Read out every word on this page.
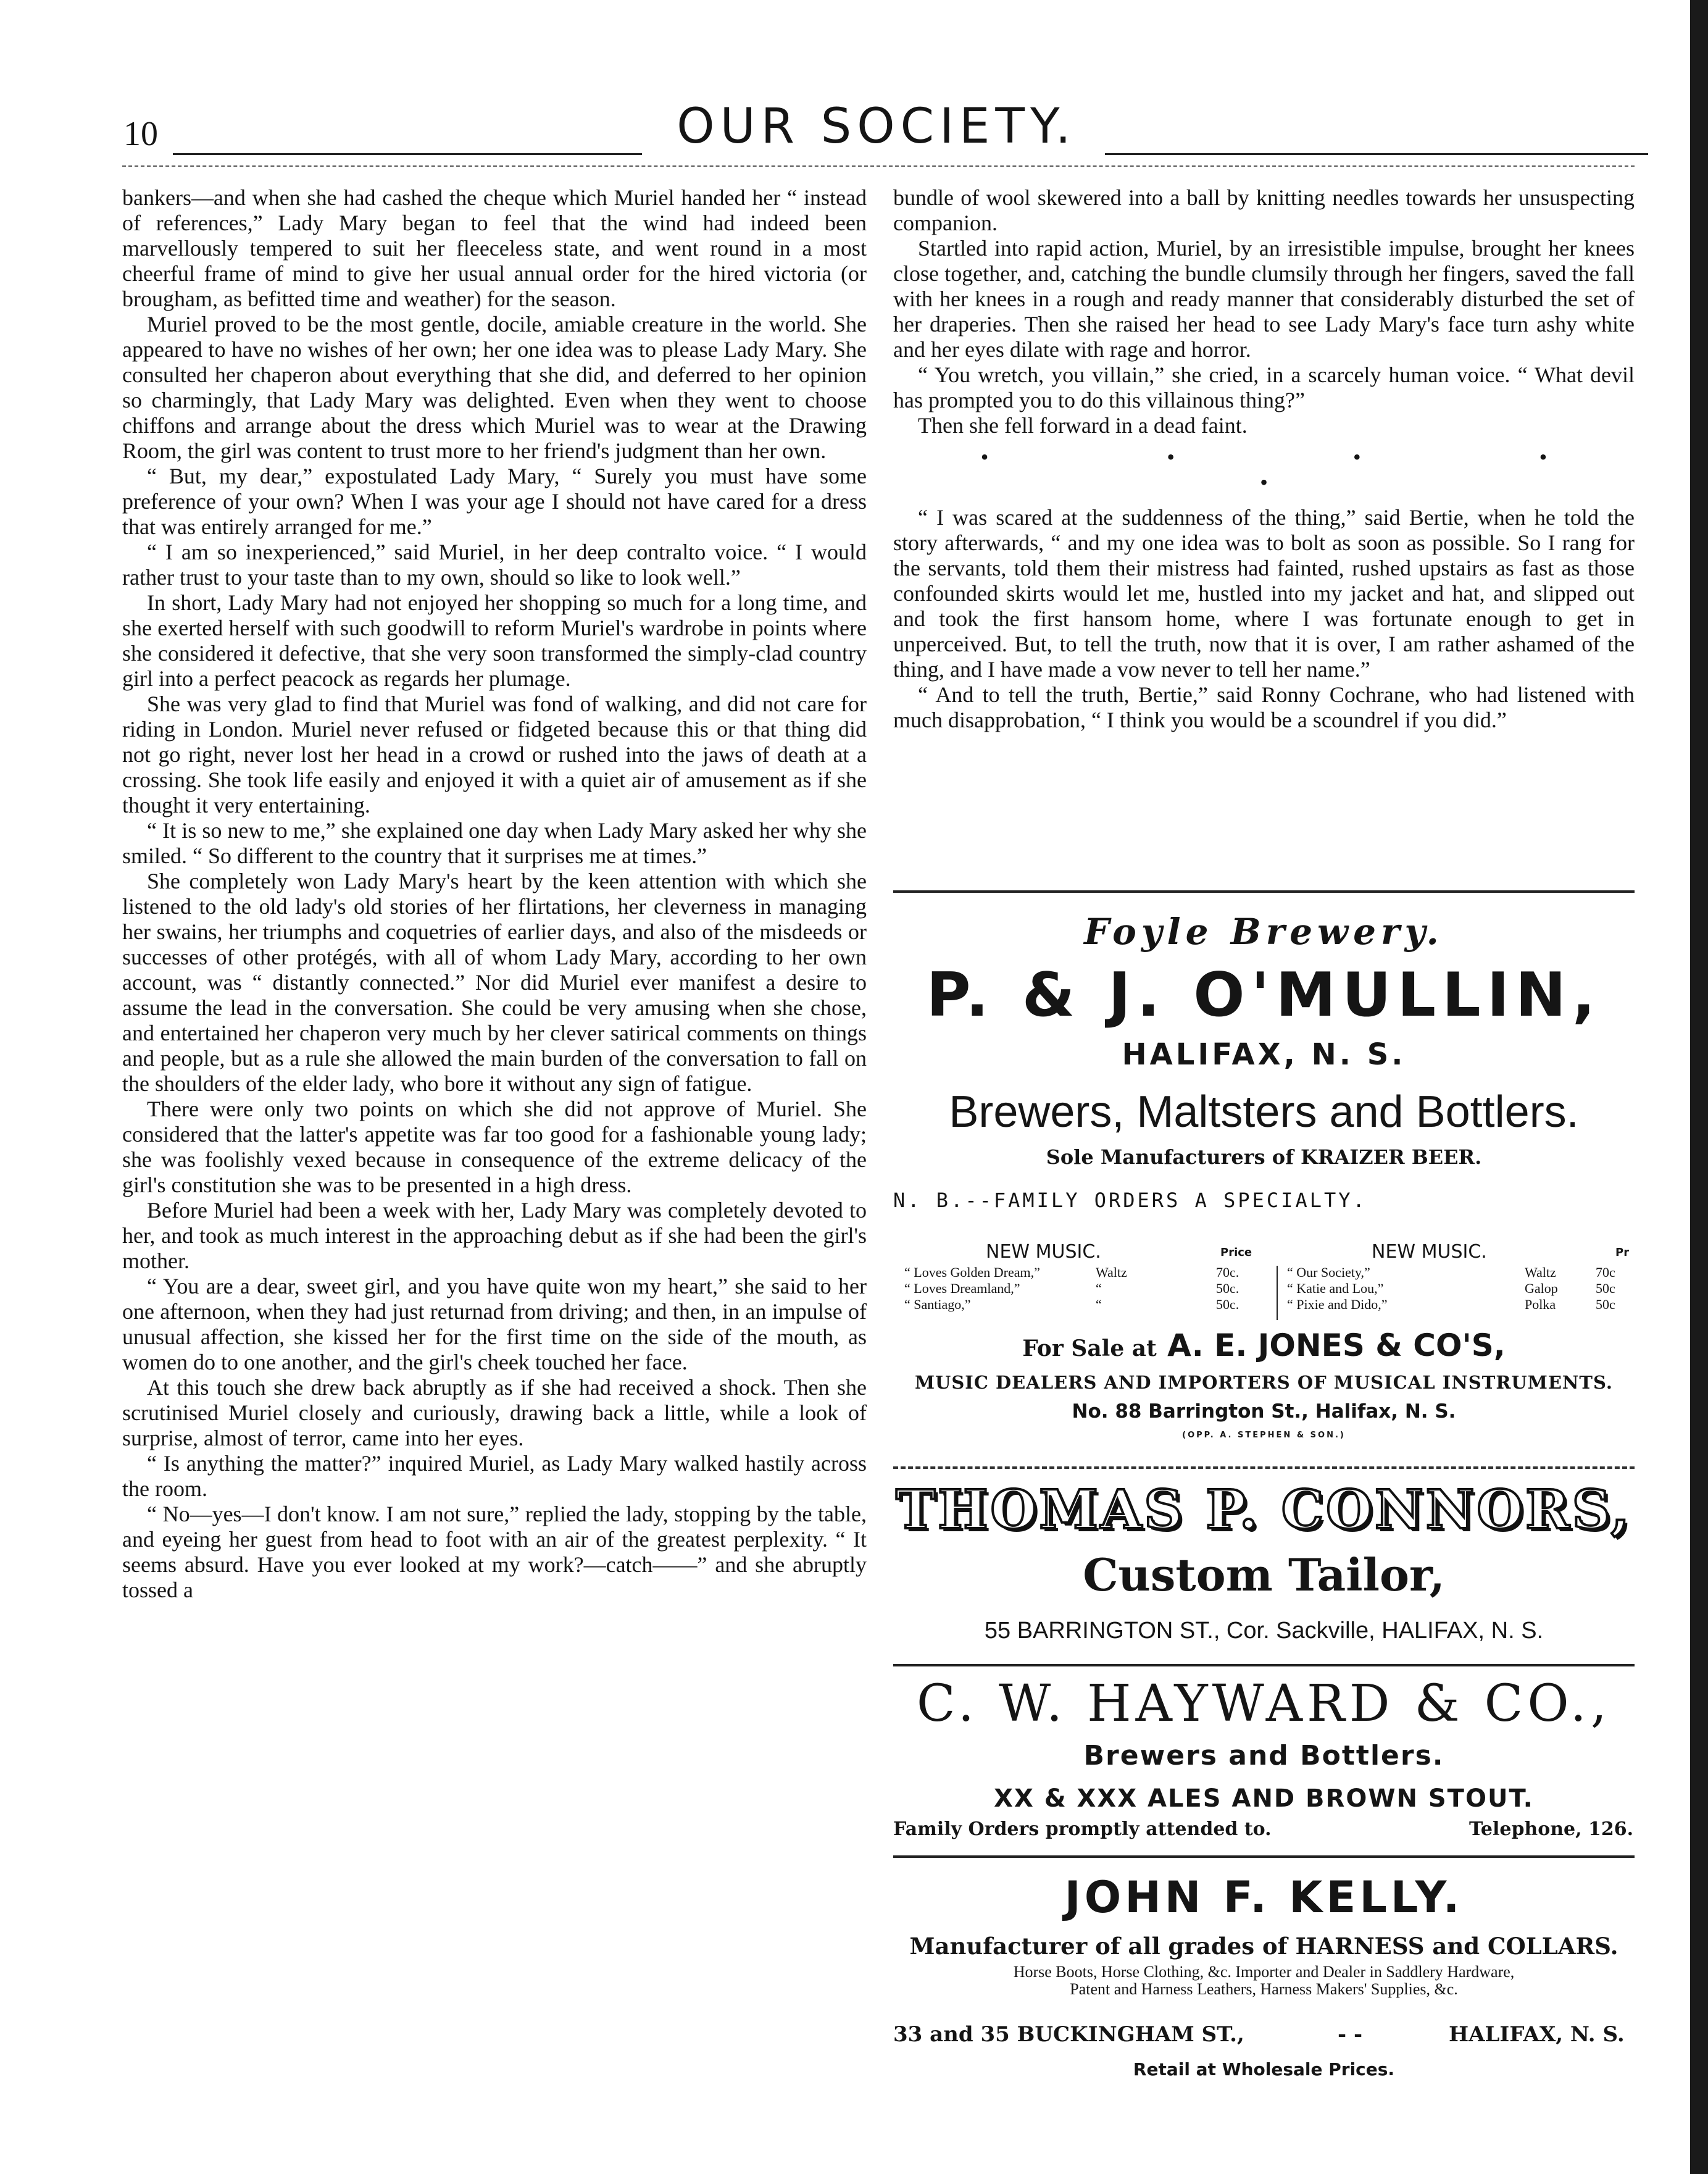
10	OUR SOCIETY.

bankers—and when she had cashed the cheque which Muriel handed her “ instead of references,” Lady Mary began to feel that the wind had indeed been marvellously tempered to suit her fleeceless state, and went round in a most cheerful frame of mind to give her usual annual order for the hired victoria (or brougham, as befitted time and weather) for the season.

Muriel proved to be the most gentle, docile, amiable creature in the world. She appeared to have no wishes of her own; her one idea was to please Lady Mary. She consulted her chaperon about everything that she did, and deferred to her opinion so charmingly, that Lady Mary was delighted. Even when they went to choose chiffons and arrange about the dress which Muriel was to wear at the Drawing Room, the girl was content to trust more to her friend's judgment than her own.

“ But, my dear,” expostulated Lady Mary, “ Surely you must have some preference of your own? When I was your age I should not have cared for a dress that was entirely arranged for me.”

“ I am so inexperienced,” said Muriel, in her deep contralto voice. “ I would rather trust to your taste than to my own, should so like to look well.”

In short, Lady Mary had not enjoyed her shopping so much for a long time, and she exerted herself with such goodwill to reform Muriel's wardrobe in points where she considered it defective, that she very soon transformed the simply-clad country girl into a perfect peacock as regards her plumage.

She was very glad to find that Muriel was fond of walking, and did not care for riding in London. Muriel never refused or fidgeted because this or that thing did not go right, never lost her head in a crowd or rushed into the jaws of death at a crossing. She took life easily and enjoyed it with a quiet air of amusement as if she thought it very entertaining.

“ It is so new to me,” she explained one day when Lady Mary asked her why she smiled. “ So different to the country that it surprises me at times.”

She completely won Lady Mary's heart by the keen attention with which she listened to the old lady's old stories of her flirtations, her cleverness in managing her swains, her triumphs and coquetries of earlier days, and also of the misdeeds or successes of other protégés, with all of whom Lady Mary, according to her own account, was “ distantly connected.” Nor did Muriel ever manifest a desire to assume the lead in the conversation. She could be very amusing when she chose, and entertained her chaperon very much by her clever satirical comments on things and people, but as a rule she allowed the main burden of the conversation to fall on the shoulders of the elder lady, who bore it without any sign of fatigue.

There were only two points on which she did not approve of Muriel. She considered that the latter's appetite was far too good for a fashionable young lady; she was foolishly vexed because in consequence of the extreme delicacy of the girl's constitution she was to be presented in a high dress.

Before Muriel had been a week with her, Lady Mary was completely devoted to her, and took as much interest in the approaching debut as if she had been the girl's mother.

“ You are a dear, sweet girl, and you have quite won my heart,” she said to her one afternoon, when they had just returnad from driving; and then, in an impulse of unusual affection, she kissed her for the first time on the side of the mouth, as women do to one another, and the girl's cheek touched her face.

At this touch she drew back abruptly as if she had received a shock. Then she scrutinised Muriel closely and curiously, drawing back a little, while a look of surprise, almost of terror, came into her eyes.

“ Is anything the matter?” inquired Muriel, as Lady Mary walked hastily across the room.

“ No—yes—I don't know. I am not sure,” replied the lady, stopping by the table, and eyeing her guest from head to foot with an air of the greatest perplexity. “ It seems absurd. Have you ever looked at my work?—catch——” and she abruptly tossed a

bundle of wool skewered into a ball by knitting needles towards her unsuspecting companion.

Startled into rapid action, Muriel, by an irresistible impulse, brought her knees close together, and, catching the bundle clumsily through her fingers, saved the fall with her knees in a rough and ready manner that considerably disturbed the set of her draperies. Then she raised her head to see Lady Mary's face turn ashy white and her eyes dilate with rage and horror.

“ You wretch, you villain,” she cried, in a scarcely human voice. “ What devil has prompted you to do this villainous thing?”

Then she fell forward in a dead faint.

• • • • •

“ I was scared at the suddenness of the thing,” said Bertie, when he told the story afterwards, “ and my one idea was to bolt as soon as possible. So I rang for the servants, told them their mistress had fainted, rushed upstairs as fast as those confounded skirts would let me, hustled into my jacket and hat, and slipped out and took the first hansom home, where I was fortunate enough to get in unperceived. But, to tell the truth, now that it is over, I am rather ashamed of the thing, and I have made a vow never to tell her name.”

“ And to tell the truth, Bertie,” said Ronny Cochrane, who had listened with much disapprobation, “ I think you would be a scoundrel if you did.”

Foyle Brewery.
P. & J. O'MULLIN,
HALIFAX, N. S.
Brewers, Maltsters and Bottlers.
Sole Manufacturers of KRAIZER BEER.
N. B.--FAMILY ORDERS A SPECIALTY.
NEW MUSIC.	Price	NEW MUSIC.	Pr
“ Loves Golden Dream,”	Waltz	70c.
“ Loves Dreamland,”	“	50c.
“ Santiago,”	“	50c.
“ Our Society,”	Waltz	70c
“ Katie and Lou,”	Galop	50c
“ Pixie and Dido,”	Polka	50c
For Sale at A. E. JONES & CO'S,
MUSIC DEALERS AND IMPORTERS OF MUSICAL INSTRUMENTS.
No. 88 Barrington St., Halifax, N. S.
(OPP. A. STEPHEN & SON.)
THOMAS P. CONNORS,
Custom Tailor,
55 BARRINGTON ST., Cor. Sackville, HALIFAX, N. S.
C. W. HAYWARD & CO.,
Brewers and Bottlers.
XX & XXX ALES AND BROWN STOUT.
Family Orders promptly attended to.	Telephone, 126.
JOHN F. KELLY.
Manufacturer of all grades of HARNESS and COLLARS.
Horse Boots, Horse Clothing, &c. Importer and Dealer in Saddlery Hardware,
Patent and Harness Leathers, Harness Makers' Supplies, &c.
33 and 35 BUCKINGHAM ST.,	- -	HALIFAX, N. S.
Retail at Wholesale Prices.
